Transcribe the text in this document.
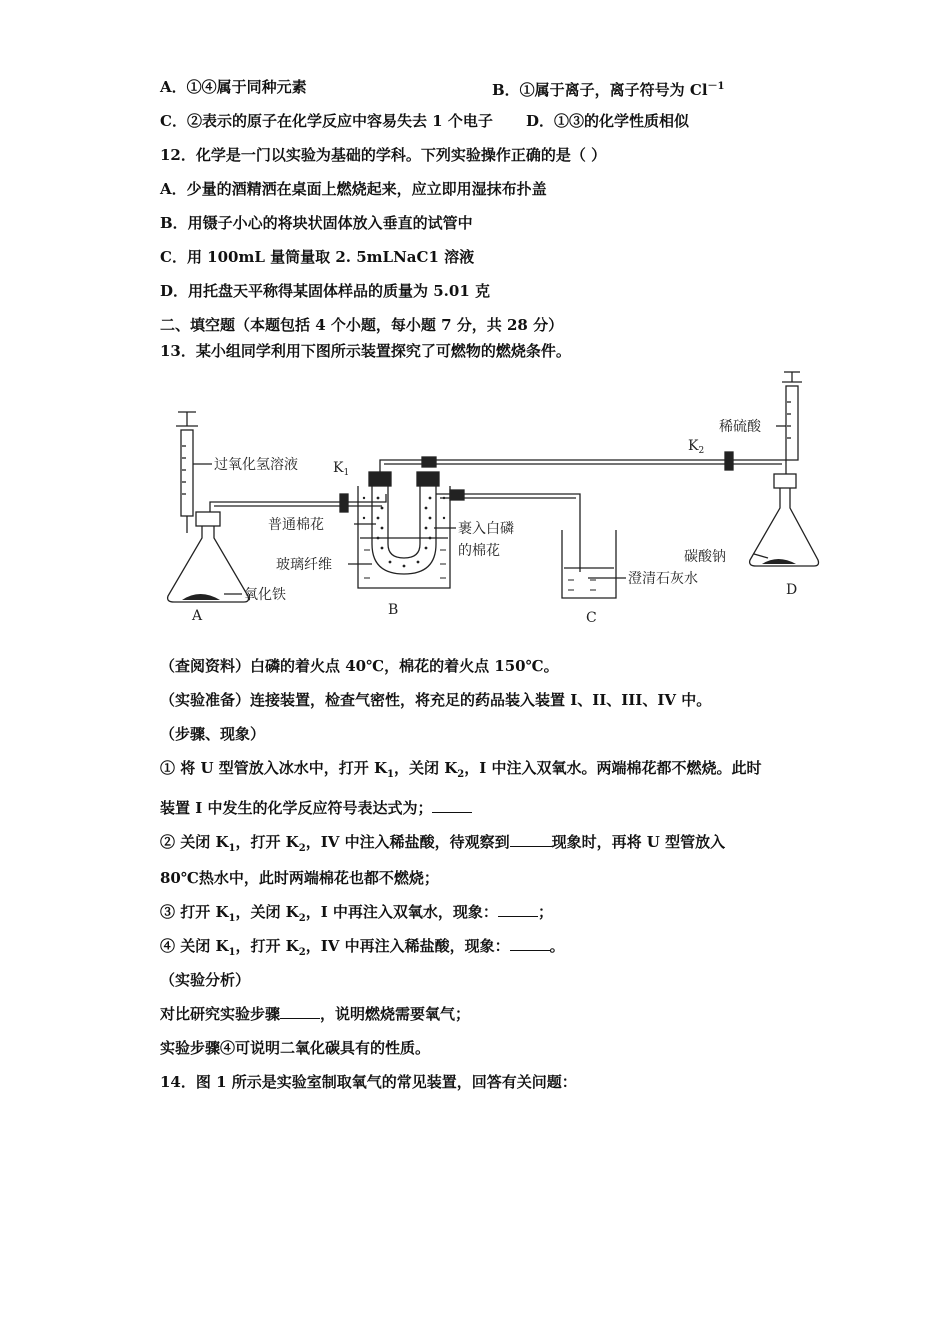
A．①④属于同种元素	B．①属于离子，离子符号为 $Cl^{-1}$
C．②表示的原子在化学反应中容易失去 1 个电子 D．①③的化学性质相似
12．化学是一门以实验为基础的学科。下列实验操作正确的是（ ）
A．少量的酒精洒在桌面上燃烧起来，应立即用湿抹布扑盖
B．用镊子小心的将块状固体放入垂直的试管中
C．用 100mL 量筒量取 2. 5mLNaC1 溶液
D．用托盘天平称得某固体样品的质量为 5.01 克
二、填空题（本题包括 4 个小题，每小题 7 分，共 28 分）
13．某小组同学利用下图所示装置探究了可燃物的燃烧条件。
过氧化氢溶液	$K_1$
$K_2$
稀硫酸
普通棉花	裹入白磷
的棉花
玻璃纤维
氧化铁
碳酸钠
澄清石灰水
A	B	C
D
（查阅资料）白磷的着火点 40℃，棉花的着火点 150℃。
（实验准备）连接装置，检查气密性，将充足的药品装入装置 I、II、III、IV 中。
（步骤、现象）
① 将 U 型管放入冰水中，打开 $K_1$，关闭 $K_2$，I 中注入双氧水。两端棉花都不燃烧。此时
装置 I 中发生的化学反应符号表达式为；
② 关闭 $K_1$，打开 $K_2$，IV 中注入稀盐酸，待观察到	现象时，再将 U 型管放入
80℃热水中，此时两端棉花也都不燃烧；
③ 打开 $K_1$，关闭 $K_2$，I 中再注入双氧水，现象：	；
④ 关闭 $K_1$，打开 $K_2$，IV 中再注入稀盐酸，现象：	。
（实验分析）
对比研究实验步骤	，说明燃烧需要氧气；
实验步骤④可说明二氧化碳具有的性质。
14．图 1 所示是实验室制取氧气的常见装置，回答有关问题：
